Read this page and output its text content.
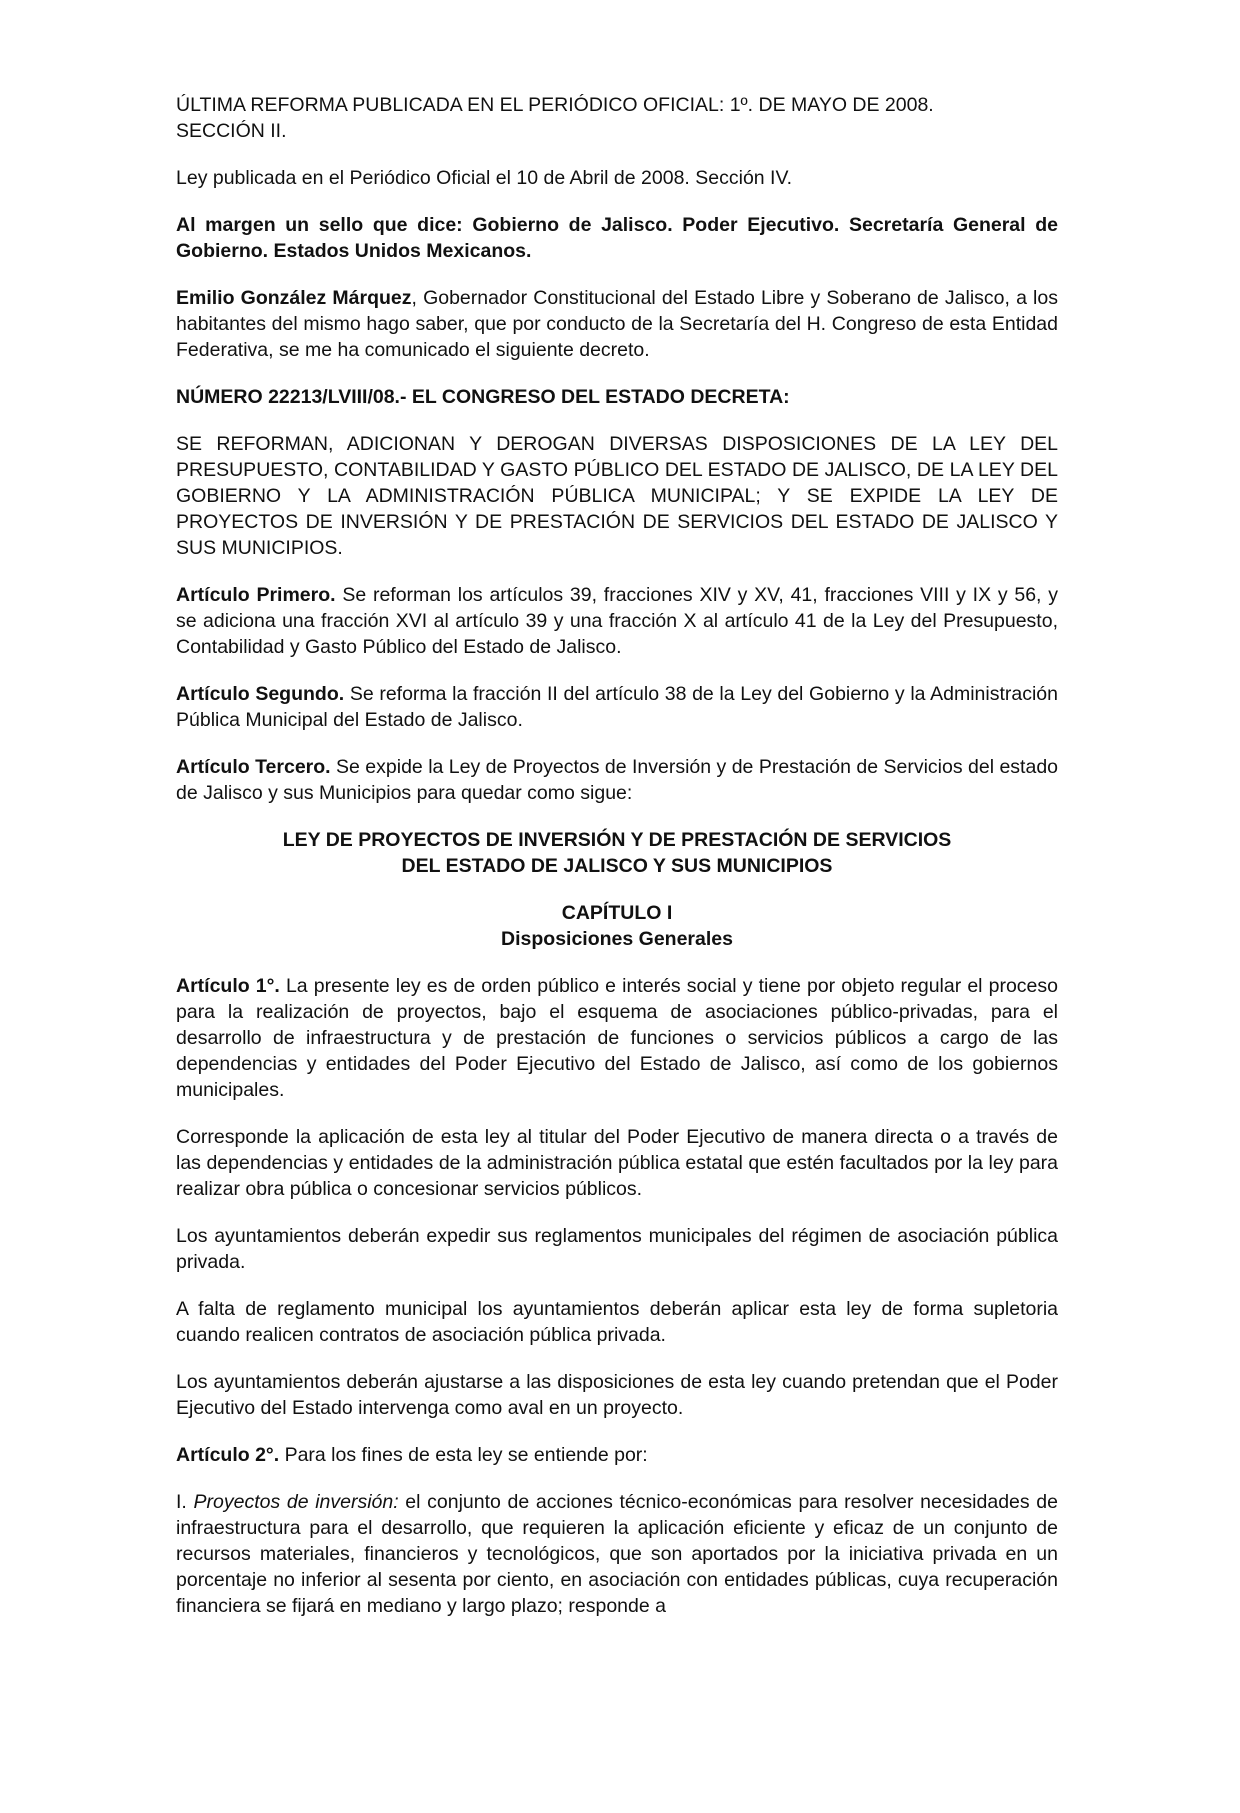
ÚLTIMA REFORMA PUBLICADA EN EL PERIÓDICO OFICIAL: 1º. DE MAYO DE 2008.

SECCIÓN II.

Ley publicada en el Periódico Oficial el 10 de Abril de 2008. Sección IV.

Al margen un sello que dice: Gobierno de Jalisco. Poder Ejecutivo. Secretaría General de Gobierno. Estados Unidos Mexicanos.

Emilio González Márquez, Gobernador Constitucional del Estado Libre y Soberano de Jalisco, a los habitantes del mismo hago saber, que por conducto de la Secretaría del H. Congreso de esta Entidad Federativa, se me ha comunicado el siguiente decreto.

NÚMERO 22213/LVIII/08.- EL CONGRESO DEL ESTADO DECRETA:

SE REFORMAN, ADICIONAN Y DEROGAN DIVERSAS DISPOSICIONES DE LA LEY DEL PRESUPUESTO, CONTABILIDAD Y GASTO PÚBLICO DEL ESTADO DE JALISCO, DE LA LEY DEL GOBIERNO Y LA ADMINISTRACIÓN PÚBLICA MUNICIPAL; Y SE EXPIDE LA LEY DE PROYECTOS DE INVERSIÓN Y DE PRESTACIÓN DE SERVICIOS DEL ESTADO DE JALISCO Y SUS MUNICIPIOS.

Artículo Primero. Se reforman los artículos 39, fracciones XIV y XV, 41, fracciones VIII y IX y 56, y se adiciona una fracción XVI al artículo 39 y una fracción X al artículo 41 de la Ley del Presupuesto, Contabilidad y Gasto Público del Estado de Jalisco.

Artículo Segundo. Se reforma la fracción II del artículo 38 de la Ley del Gobierno y la Administración Pública Municipal del Estado de Jalisco.

Artículo Tercero. Se expide la Ley de Proyectos de Inversión y de Prestación de Servicios del estado de Jalisco y sus Municipios para quedar como sigue:

LEY DE PROYECTOS DE INVERSIÓN Y DE PRESTACIÓN DE SERVICIOS

DEL ESTADO DE JALISCO Y SUS MUNICIPIOS

CAPÍTULO I

Disposiciones Generales

Artículo 1°. La presente ley es de orden público e interés social y tiene por objeto regular el proceso para la realización de proyectos, bajo el esquema de asociaciones público-privadas, para el desarrollo de infraestructura y de prestación de funciones o servicios públicos a cargo de las dependencias y entidades del Poder Ejecutivo del Estado de Jalisco, así como de los gobiernos municipales.

Corresponde la aplicación de esta ley al titular del Poder Ejecutivo de manera directa o a través de las dependencias y entidades de la administración pública estatal que estén facultados por la ley para realizar obra pública o concesionar servicios públicos.

Los ayuntamientos deberán expedir sus reglamentos municipales del régimen de asociación pública privada.

A falta de reglamento municipal los ayuntamientos deberán aplicar esta ley de forma supletoria cuando realicen contratos de asociación pública privada.

Los ayuntamientos deberán ajustarse a las disposiciones de esta ley cuando pretendan que el Poder Ejecutivo del Estado intervenga como aval en un proyecto.

Artículo 2°. Para los fines de esta ley se entiende por:

I. Proyectos de inversión: el conjunto de acciones técnico-económicas para resolver necesidades de infraestructura para el desarrollo, que requieren la aplicación eficiente y eficaz de un conjunto de recursos materiales, financieros y tecnológicos, que son aportados por la iniciativa privada en un porcentaje no inferior al sesenta por ciento, en asociación con entidades públicas, cuya recuperación financiera se fijará en mediano y largo plazo; responde a
